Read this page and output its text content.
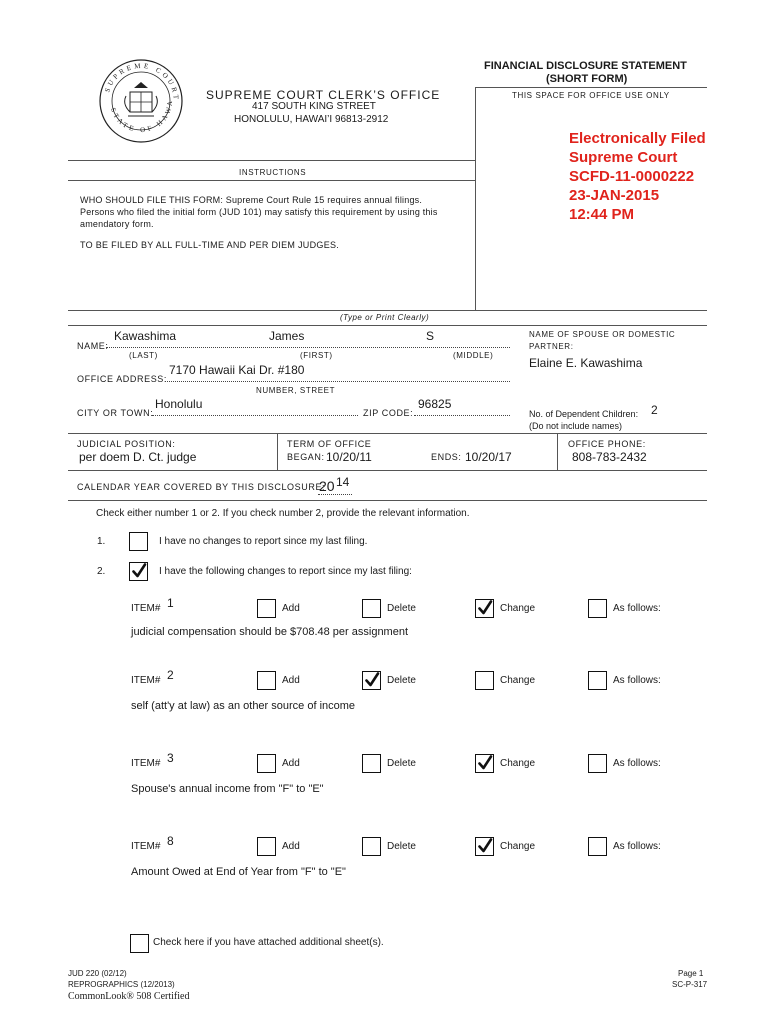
SUPREME COURT
STATE OF HAWA	SUPREME COURT CLERK’S OFFICE
417 SOUTH KING STREET
HONOLULU, HAWAI’I 96813-2912
FINANCIAL DISCLOSURE STATEMENT
(SHORT FORM)
THIS SPACE FOR OFFICE USE ONLY
Electronically Filed
Supreme Court
SCFD-11-0000222
23-JAN-2015
12:44 PM
INSTRUCTIONS
WHO SHOULD FILE THIS FORM: Supreme Court Rule 15 requires annual filings.
Persons who filed the initial form (JUD 101) may satisfy this requirement by using this
amendatory form.
TO BE FILED BY ALL FULL-TIME AND PER DIEM JUDGES.
(Type or Print Clearly)
NAME:
Kawashima	James	S
(LAST)	(FIRST)	(MIDDLE)
NAME OF SPOUSE OR DOMESTIC
PARTNER:
Elaine E. Kawashima
OFFICE ADDRESS:
7170 Hawaii Kai Dr. #180
NUMBER, STREET
CITY OR TOWN:
Honolulu
ZIP CODE:
96825
No. of Dependent Children: 2
(Do not include names)
JUDICIAL POSITION:
per doem D. Ct. judge
TERM OF OFFICE
BEGAN: 10/20/11	ENDS: 10/20/17
OFFICE PHONE:
808-783-2432
CALENDAR YEAR COVERED BY THIS DISCLOSURE:
20 14
Check either number 1 or 2. If you check number 2, provide the relevant information.
1.	I have no changes to report since my last filing.
2.	I have the following changes to report since my last filing:
ITEM# 1	Add	Delete	Change	As follows:
judicial compensation should be $708.48 per assignment
ITEM# 2	Add	Delete	Change	As follows:
self (att'y at law) as an other source of income
ITEM# 3	Add	Delete	Change	As follows:
Spouse's annual income from "F" to "E"
ITEM# 8	Add	Delete	Change	As follows:
Amount Owed at End of Year from "F" to "E"
Check here if you have attached additional sheet(s).
JUD 220 (02/12)
REPROGRAPHICS (12/2013)
CommonLook® 508 Certified
Page 1
SC-P-317
